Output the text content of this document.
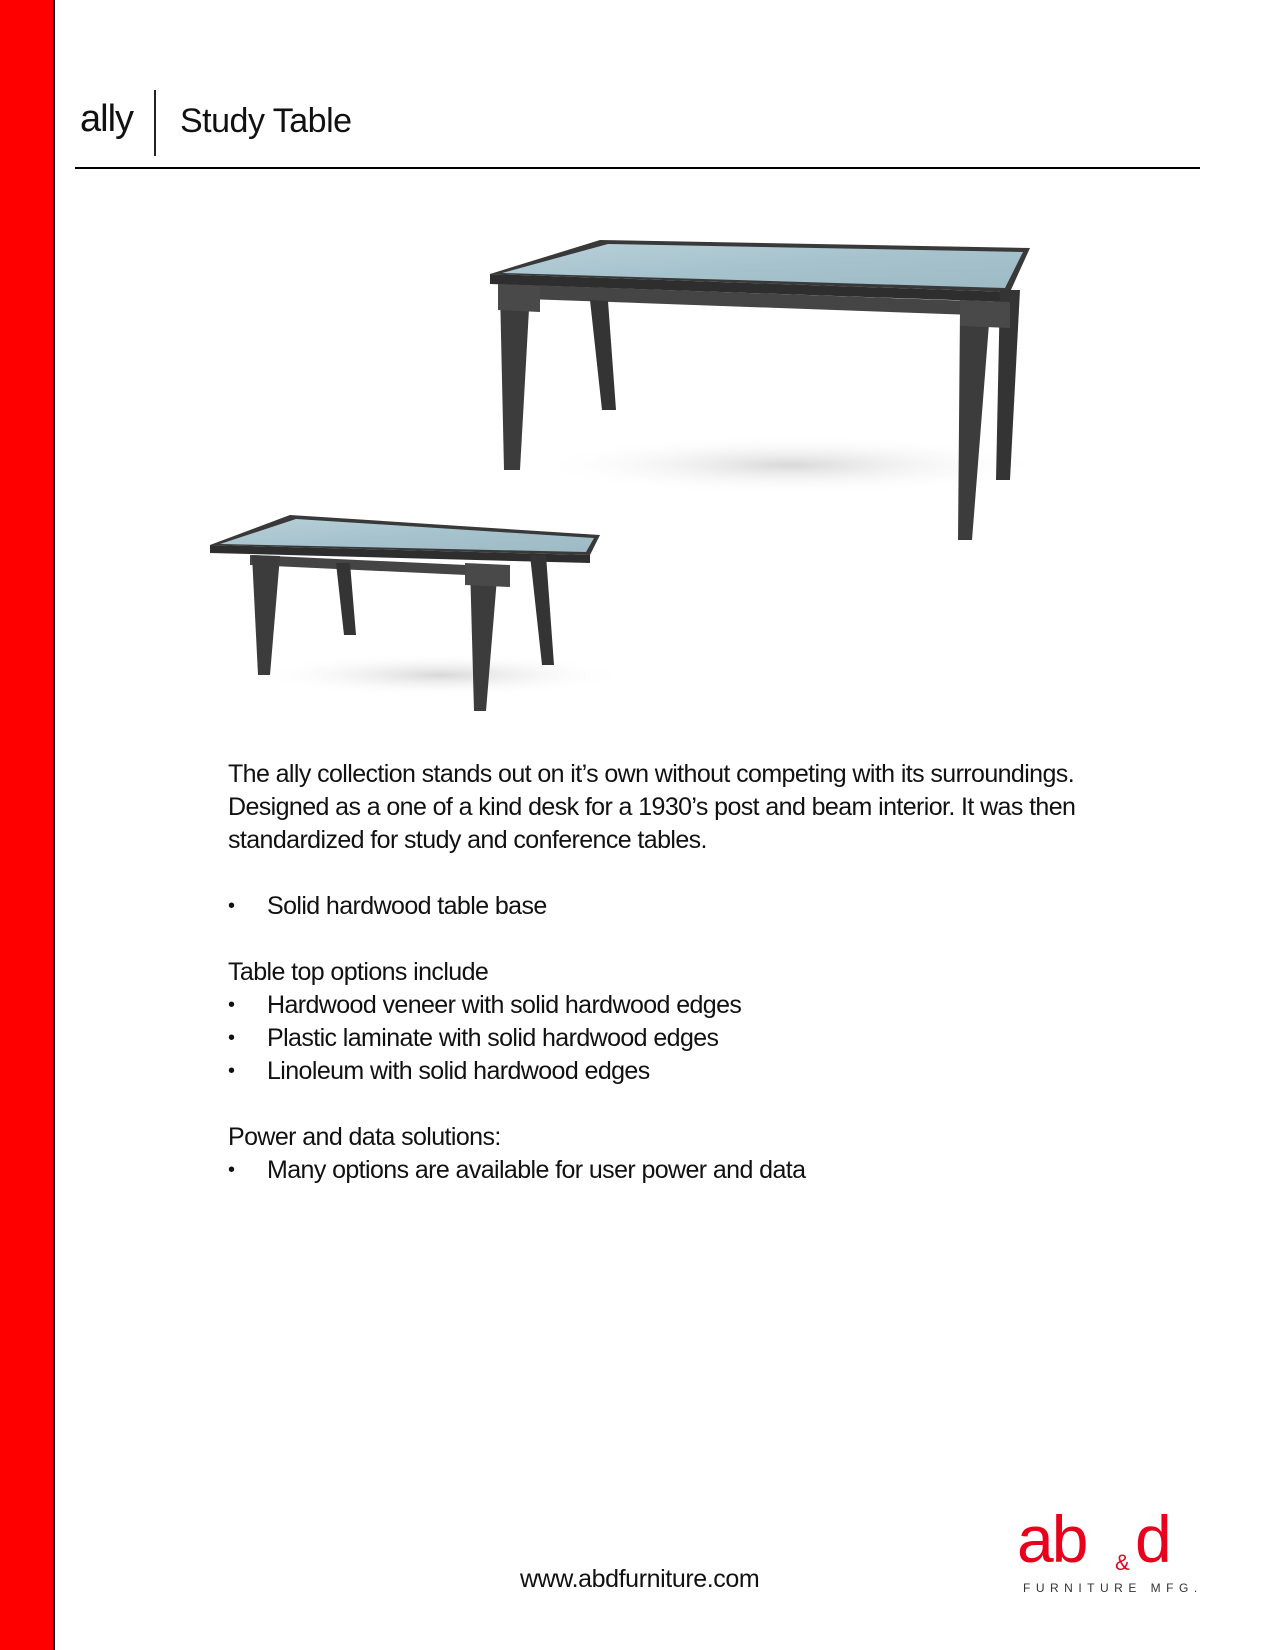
ally Study Table

The ally collection stands out on it’s own without competing with its surroundings. Designed as a one of a kind desk for a 1930’s post and beam interior. It was then standardized for study and conference tables.

• Solid hardwood table base

Table top options include

• Hardwood veneer with solid hardwood edges
• Plastic laminate with solid hardwood edges
• Linoleum with solid hardwood edges

Power and data solutions:

• Many options are available for user power and data
www.abdfurniture.com
ab & d
FURNITURE MFG.
